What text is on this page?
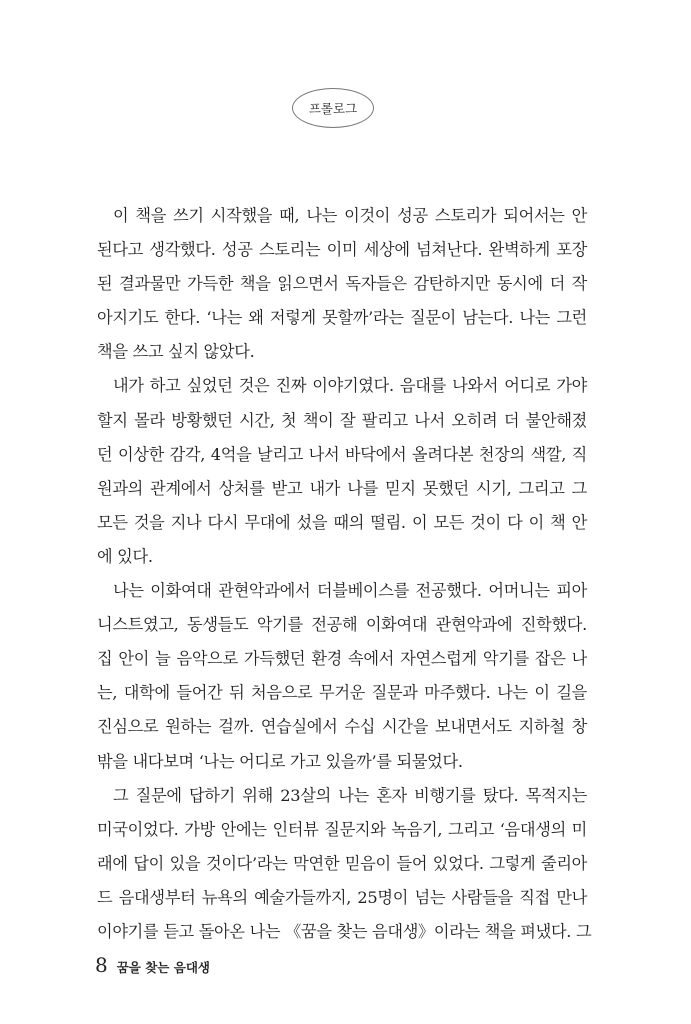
프롤로그
이 책을 쓰기 시작했을 때, 나는 이것이 성공 스토리가 되어서는 안
된다고 생각했다. 성공 스토리는 이미 세상에 넘쳐난다. 완벽하게 포장
된 결과물만 가득한 책을 읽으면서 독자들은 감탄하지만 동시에 더 작
아지기도 한다. ‘나는 왜 저렇게 못할까’라는 질문이 남는다. 나는 그런
책을 쓰고 싶지 않았다.
내가 하고 싶었던 것은 진짜 이야기였다. 음대를 나와서 어디로 가야
할지 몰라 방황했던 시간, 첫 책이 잘 팔리고 나서 오히려 더 불안해졌
던 이상한 감각, 4억을 날리고 나서 바닥에서 올려다본 천장의 색깔, 직
원과의 관계에서 상처를 받고 내가 나를 믿지 못했던 시기, 그리고 그
모든 것을 지나 다시 무대에 섰을 때의 떨림. 이 모든 것이 다 이 책 안
에 있다.
나는 이화여대 관현악과에서 더블베이스를 전공했다. 어머니는 피아
니스트였고, 동생들도 악기를 전공해 이화여대 관현악과에 진학했다.
집 안이 늘 음악으로 가득했던 환경 속에서 자연스럽게 악기를 잡은 나
는, 대학에 들어간 뒤 처음으로 무거운 질문과 마주했다. 나는 이 길을
진심으로 원하는 걸까. 연습실에서 수십 시간을 보내면서도 지하철 창
밖을 내다보며 ‘나는 어디로 가고 있을까’를 되물었다.
그 질문에 답하기 위해 23살의 나는 혼자 비행기를 탔다. 목적지는
미국이었다. 가방 안에는 인터뷰 질문지와 녹음기, 그리고 ‘음대생의 미
래에 답이 있을 것이다’라는 막연한 믿음이 들어 있었다. 그렇게 줄리아
드 음대생부터 뉴욕의 예술가들까지, 25명이 넘는 사람들을 직접 만나
이야기를 듣고 돌아온 나는 《꿈을 찾는 음대생》이라는 책을 펴냈다. 그
8 꿈을 찾는 음대생
